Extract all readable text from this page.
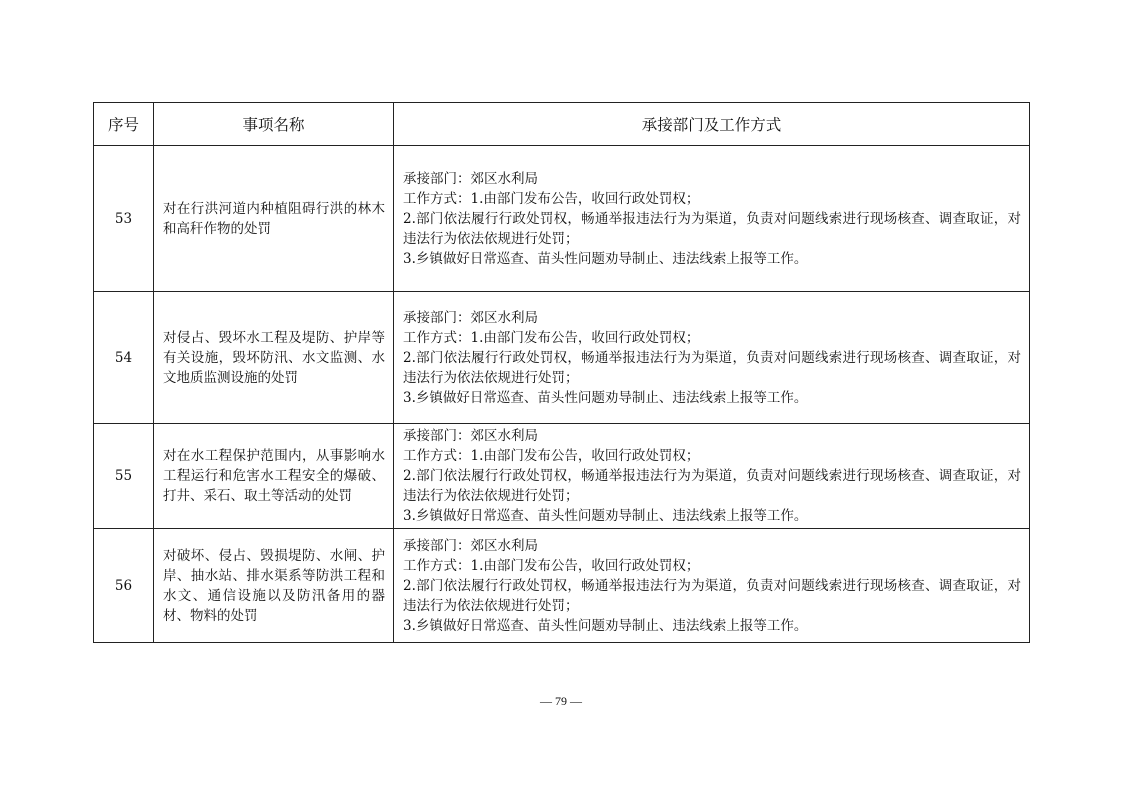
序号	事项名称	承接部门及工作方式
53	对在行洪河道内种植阻碍行洪的林木和高秆作物的处罚	承接部门：郊区水利局
工作方式：1.由部门发布公告，收回行政处罚权；
2.部门依法履行行政处罚权，畅通举报违法行为为渠道，负责对问题线索进行现场核查、调查取证，对违法行为依法依规进行处罚；
3.乡镇做好日常巡查、苗头性问题劝导制止、违法线索上报等工作。

54	对侵占、毁坏水工程及堤防、护岸等有关设施，毁坏防汛、水文监测、水文地质监测设施的处罚	承接部门：郊区水利局
工作方式：1.由部门发布公告，收回行政处罚权；
2.部门依法履行行政处罚权，畅通举报违法行为为渠道，负责对问题线索进行现场核查、调查取证，对违法行为依法依规进行处罚；
3.乡镇做好日常巡查、苗头性问题劝导制止、违法线索上报等工作。

55	对在水工程保护范围内，从事影响水工程运行和危害水工程安全的爆破、打井、采石、取土等活动的处罚	承接部门：郊区水利局
工作方式：1.由部门发布公告，收回行政处罚权；
2.部门依法履行行政处罚权，畅通举报违法行为为渠道，负责对问题线索进行现场核查、调查取证，对违法行为依法依规进行处罚；
3.乡镇做好日常巡查、苗头性问题劝导制止、违法线索上报等工作。

56	对破坏、侵占、毁损堤防、水闸、护岸、抽水站、排水渠系等防洪工程和水文、通信设施以及防汛备用的器材、物料的处罚	承接部门：郊区水利局
工作方式：1.由部门发布公告，收回行政处罚权；
2.部门依法履行行政处罚权，畅通举报违法行为为渠道，负责对问题线索进行现场核查、调查取证，对违法行为依法依规进行处罚；
3.乡镇做好日常巡查、苗头性问题劝导制止、违法线索上报等工作。
— 79 —
